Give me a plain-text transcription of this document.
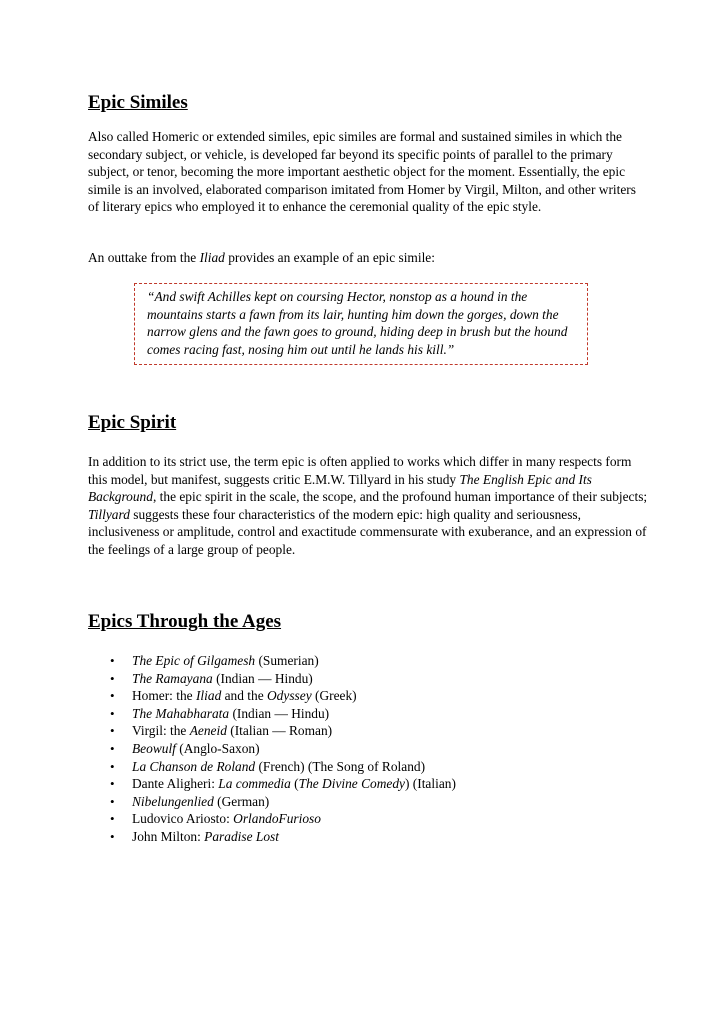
Epic Similes

Also called Homeric or extended similes, epic similes are formal and sustained similes in which the secondary subject, or vehicle, is developed far beyond its specific points of parallel to the primary subject, or tenor, becoming the more important aesthetic object for the moment. Essentially, the epic simile is an involved, elaborated comparison imitated from Homer by Virgil, Milton, and other writers of literary epics who employed it to enhance the ceremonial quality of the epic style.

An outtake from the Iliad provides an example of an epic simile:

“And swift Achilles kept on coursing Hector, nonstop as a hound in the mountains starts a fawn from its lair, hunting him down the gorges, down the narrow glens and the fawn goes to ground, hiding deep in brush but the hound comes racing fast, nosing him out until he lands his kill.”

Epic Spirit

In addition to its strict use, the term epic is often applied to works which differ in many respects form this model, but manifest, suggests critic E.M.W. Tillyard in his study The English Epic and Its Background, the epic spirit in the scale, the scope, and the profound human importance of their subjects; Tillyard suggests these four characteristics of the modern epic: high quality and seriousness, inclusiveness or amplitude, control and exactitude commensurate with exuberance, and an expression of the feelings of a large group of people.

Epics Through the Ages
• The Epic of Gilgamesh (Sumerian)
• The Ramayana (Indian — Hindu)
• Homer: the Iliad and the Odyssey (Greek)
• The Mahabharata (Indian — Hindu)
• Virgil: the Aeneid (Italian — Roman)
• Beowulf (Anglo-Saxon)
• La Chanson de Roland (French) (The Song of Roland)
• Dante Aligheri: La commedia (The Divine Comedy) (Italian)
• Nibelungenlied (German)
• Ludovico Ariosto: OrlandoFurioso
• John Milton: Paradise Lost
